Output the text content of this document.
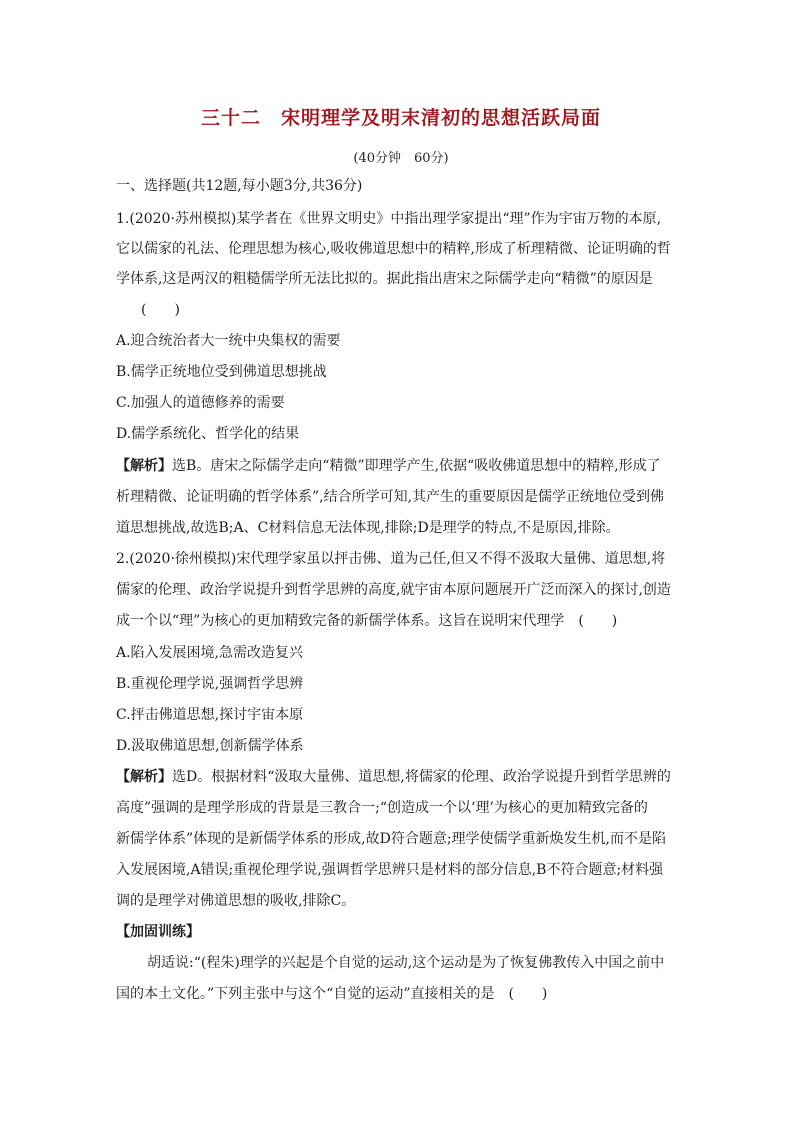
三十二　宋明理学及明末清初的思想活跃局面
(40分钟　60分)
一、选择题(共12题,每小题3分,共36分)
1.(2020·苏州模拟)某学者在《世界文明史》中指出理学家提出“理”作为宇宙万物的本原,
它以儒家的礼法、伦理思想为核心,吸收佛道思想中的精粹,形成了析理精微、论证明确的哲
学体系,这是两汉的粗糙儒学所无法比拟的。据此指出唐宋之际儒学走向“精微”的原因是
(　　)
A.迎合统治者大一统中央集权的需要
B.儒学正统地位受到佛道思想挑战
C.加强人的道德修养的需要
D.儒学系统化、哲学化的结果
【解析】选B。唐宋之际儒学走向“精微”即理学产生,依据“吸收佛道思想中的精粹,形成了
析理精微、论证明确的哲学体系”,结合所学可知,其产生的重要原因是儒学正统地位受到佛
道思想挑战,故选B;A、C材料信息无法体现,排除;D是理学的特点,不是原因,排除。
2.(2020·徐州模拟)宋代理学家虽以抨击佛、道为己任,但又不得不汲取大量佛、道思想,将
儒家的伦理、政治学说提升到哲学思辨的高度,就宇宙本原问题展开广泛而深入的探讨,创造
成一个以“理”为核心的更加精致完备的新儒学体系。这旨在说明宋代理学　(　　)
A.陷入发展困境,急需改造复兴
B.重视伦理学说,强调哲学思辨
C.抨击佛道思想,探讨宇宙本原
D.汲取佛道思想,创新儒学体系
【解析】选D。根据材料“汲取大量佛、道思想,将儒家的伦理、政治学说提升到哲学思辨的
高度”强调的是理学形成的背景是三教合一;“创造成一个以‘理’为核心的更加精致完备的
新儒学体系”体现的是新儒学体系的形成,故D符合题意;理学使儒学重新焕发生机,而不是陷
入发展困境,A错误;重视伦理学说,强调哲学思辨只是材料的部分信息,B不符合题意;材料强
调的是理学对佛道思想的吸收,排除C。
【加固训练】
胡适说:“(程朱)理学的兴起是个自觉的运动,这个运动是为了恢复佛教传入中国之前中
国的本土文化。”下列主张中与这个“自觉的运动”直接相关的是　(　　)
